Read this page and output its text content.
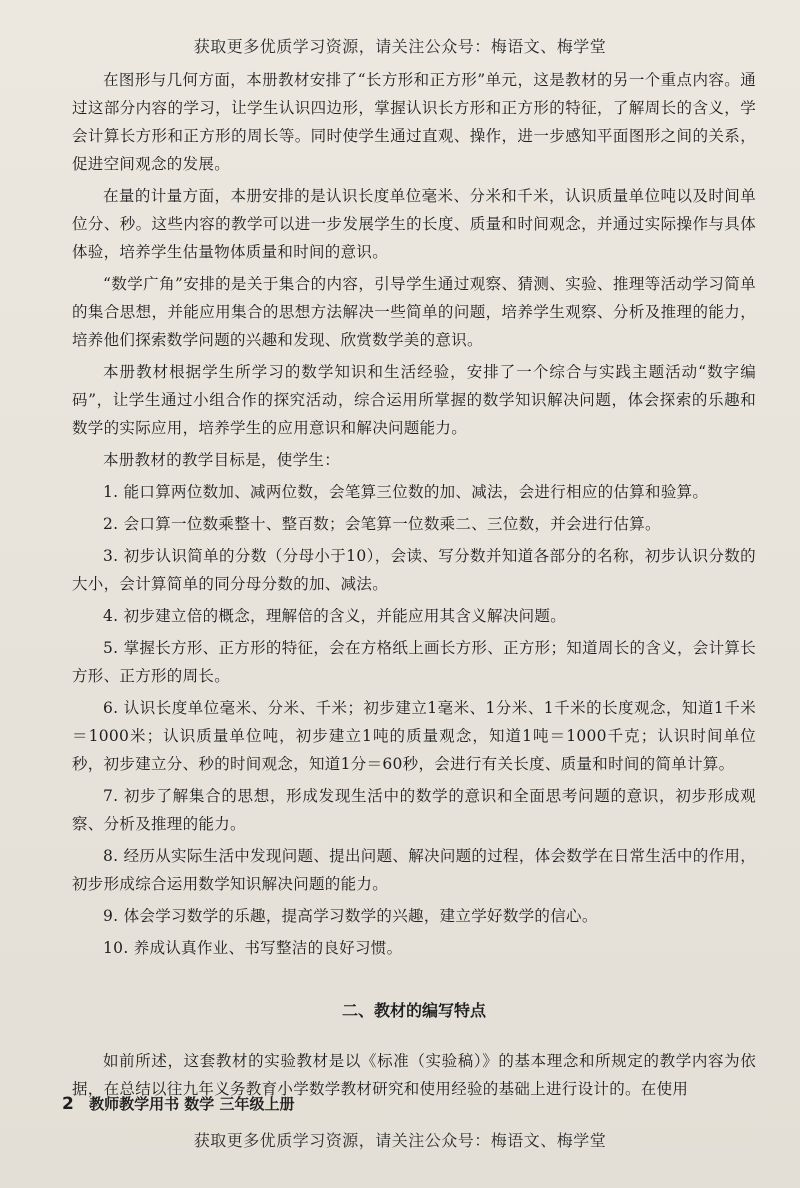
获取更多优质学习资源，请关注公众号：梅语文、梅学堂

在图形与几何方面，本册教材安排了“长方形和正方形”单元，这是教材的另一个重点内容。通过这部分内容的学习，让学生认识四边形，掌握认识长方形和正方形的特征，了解周长的含义，学会计算长方形和正方形的周长等。同时使学生通过直观、操作，进一步感知平面图形之间的关系，促进空间观念的发展。

在量的计量方面，本册安排的是认识长度单位毫米、分米和千米，认识质量单位吨以及时间单位分、秒。这些内容的教学可以进一步发展学生的长度、质量和时间观念，并通过实际操作与具体体验，培养学生估量物体质量和时间的意识。

“数学广角”安排的是关于集合的内容，引导学生通过观察、猜测、实验、推理等活动学习简单的集合思想，并能应用集合的思想方法解决一些简单的问题，培养学生观察、分析及推理的能力，培养他们探索数学问题的兴趣和发现、欣赏数学美的意识。

本册教材根据学生所学习的数学知识和生活经验，安排了一个综合与实践主题活动“数字编码”，让学生通过小组合作的探究活动，综合运用所掌握的数学知识解决问题，体会探索的乐趣和数学的实际应用，培养学生的应用意识和解决问题能力。

本册教材的教学目标是，使学生：

1. 能口算两位数加、减两位数，会笔算三位数的加、减法，会进行相应的估算和验算。

2. 会口算一位数乘整十、整百数；会笔算一位数乘二、三位数，并会进行估算。

3. 初步认识简单的分数（分母小于10），会读、写分数并知道各部分的名称，初步认识分数的大小，会计算简单的同分母分数的加、减法。

4. 初步建立倍的概念，理解倍的含义，并能应用其含义解决问题。

5. 掌握长方形、正方形的特征，会在方格纸上画长方形、正方形；知道周长的含义，会计算长方形、正方形的周长。

6. 认识长度单位毫米、分米、千米；初步建立1毫米、1分米、1千米的长度观念，知道1千米＝1000米；认识质量单位吨，初步建立1吨的质量观念，知道1吨＝1000千克；认识时间单位秒，初步建立分、秒的时间观念，知道1分＝60秒，会进行有关长度、质量和时间的简单计算。

7. 初步了解集合的思想，形成发现生活中的数学的意识和全面思考问题的意识，初步形成观察、分析及推理的能力。

8. 经历从实际生活中发现问题、提出问题、解决问题的过程，体会数学在日常生活中的作用，初步形成综合运用数学知识解决问题的能力。

9. 体会学习数学的乐趣，提高学习数学的兴趣，建立学好数学的信心。

10. 养成认真作业、书写整洁的良好习惯。

二、教材的编写特点

如前所述，这套教材的实验教材是以《标准（实验稿）》的基本理念和所规定的教学内容为依据，在总结以往九年义务教育小学数学教材研究和使用经验的基础上进行设计的。在使用

2 教师教学用书 数学 三年级上册
获取更多优质学习资源，请关注公众号：梅语文、梅学堂
